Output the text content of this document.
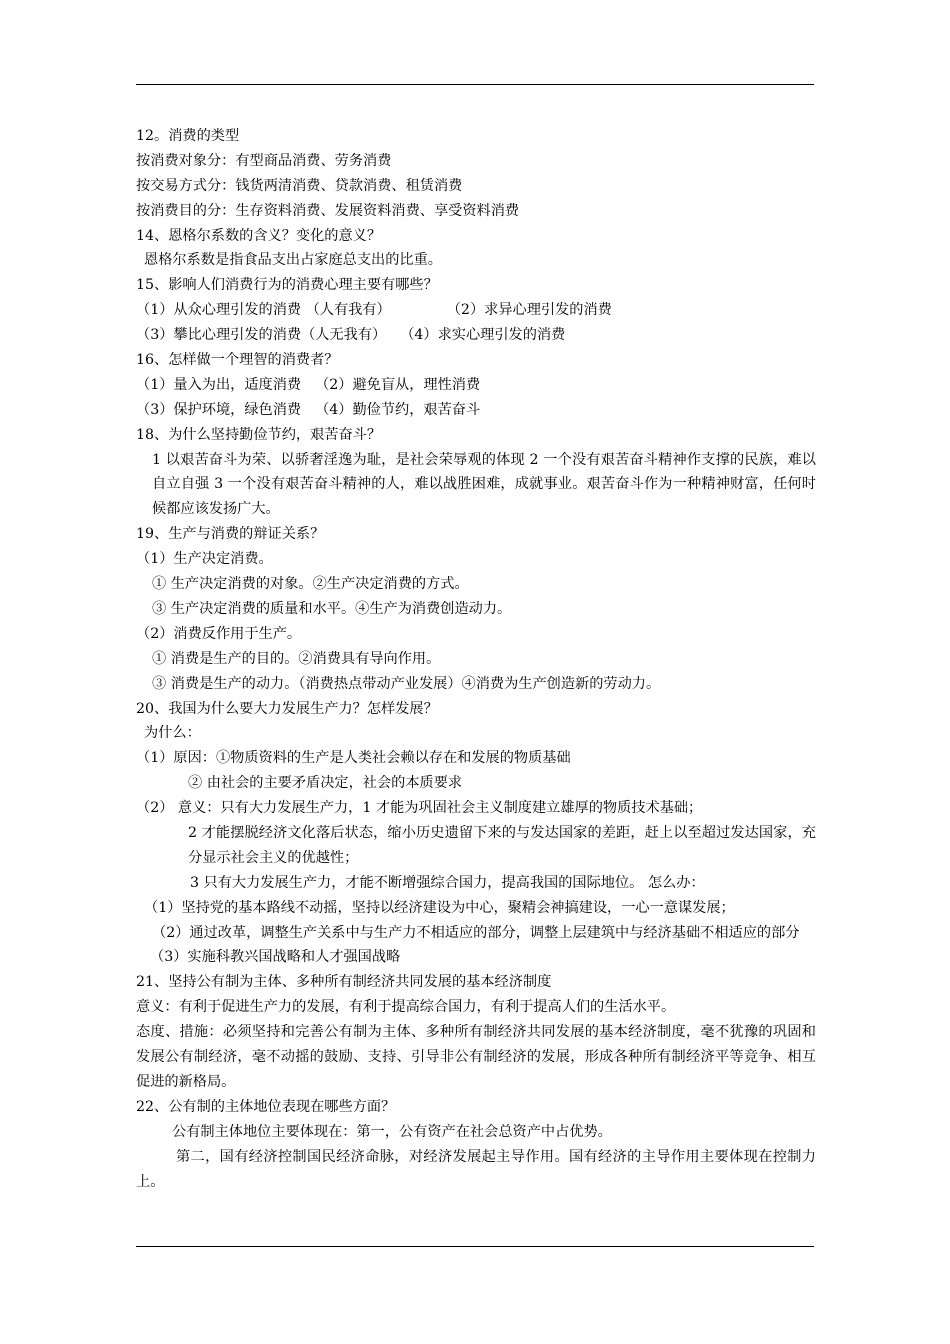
12。消费的类型
按消费对象分：有型商品消费、劳务消费
按交易方式分：钱货两清消费、贷款消费、租赁消费
按消费目的分：生存资料消费、发展资料消费、享受资料消费
14、恩格尔系数的含义？变化的意义？
恩格尔系数是指食品支出占家庭总支出的比重。
15、影响人们消费行为的消费心理主要有哪些？
（1）从众心理引发的消费 （人有我有）	（2）求异心理引发的消费
（3）攀比心理引发的消费（人无我有） （4）求实心理引发的消费
16、怎样做一个理智的消费者？
（1）量入为出，适度消费 （2）避免盲从，理性消费
（3）保护环境，绿色消费 （4）勤俭节约，艰苦奋斗
18、为什么坚持勤俭节约，艰苦奋斗？
1 以艰苦奋斗为荣、以骄奢淫逸为耻，是社会荣辱观的体现 2 一个没有艰苦奋斗精神作支撑的民族，难以自立自强 3 一个没有艰苦奋斗精神的人，难以战胜困难，成就事业。艰苦奋斗作为一种精神财富，任何时候都应该发扬广大。
19、生产与消费的辩证关系？
（1）生产决定消费。
① 生产决定消费的对象。②生产决定消费的方式。
③ 生产决定消费的质量和水平。④生产为消费创造动力。
（2）消费反作用于生产。
① 消费是生产的目的。②消费具有导向作用。
③ 消费是生产的动力。（消费热点带动产业发展）④消费为生产创造新的劳动力。
20、我国为什么要大力发展生产力？怎样发展？
为什么：
（1）原因：①物质资料的生产是人类社会赖以存在和发展的物质基础
② 由社会的主要矛盾决定，社会的本质要求
（2） 意义：只有大力发展生产力，1 才能为巩固社会主义制度建立雄厚的物质技术基础；
2 才能摆脱经济文化落后状态，缩小历史遗留下来的与发达国家的差距，赶上以至超过发达国家，充分显示社会主义的优越性；
3 只有大力发展生产力，才能不断增强综合国力，提高我国的国际地位。 怎么办：
（1）坚持党的基本路线不动摇，坚持以经济建设为中心，聚精会神搞建设，一心一意谋发展；
（2）通过改革，调整生产关系中与生产力不相适应的部分，调整上层建筑中与经济基础不相适应的部分
（3）实施科教兴国战略和人才强国战略
21、坚持公有制为主体、多种所有制经济共同发展的基本经济制度
意义：有利于促进生产力的发展，有利于提高综合国力，有利于提高人们的生活水平。
态度、措施：必须坚持和完善公有制为主体、多种所有制经济共同发展的基本经济制度，毫不犹豫的巩固和发展公有制经济，毫不动摇的鼓励、支持、引导非公有制经济的发展，形成各种所有制经济平等竞争、相互促进的新格局。
22、公有制的主体地位表现在哪些方面？
公有制主体地位主要体现在：第一，公有资产在社会总资产中占优势。
第二，国有经济控制国民经济命脉，对经济发展起主导作用。国有经济的主导作用主要体现在控制力上。
